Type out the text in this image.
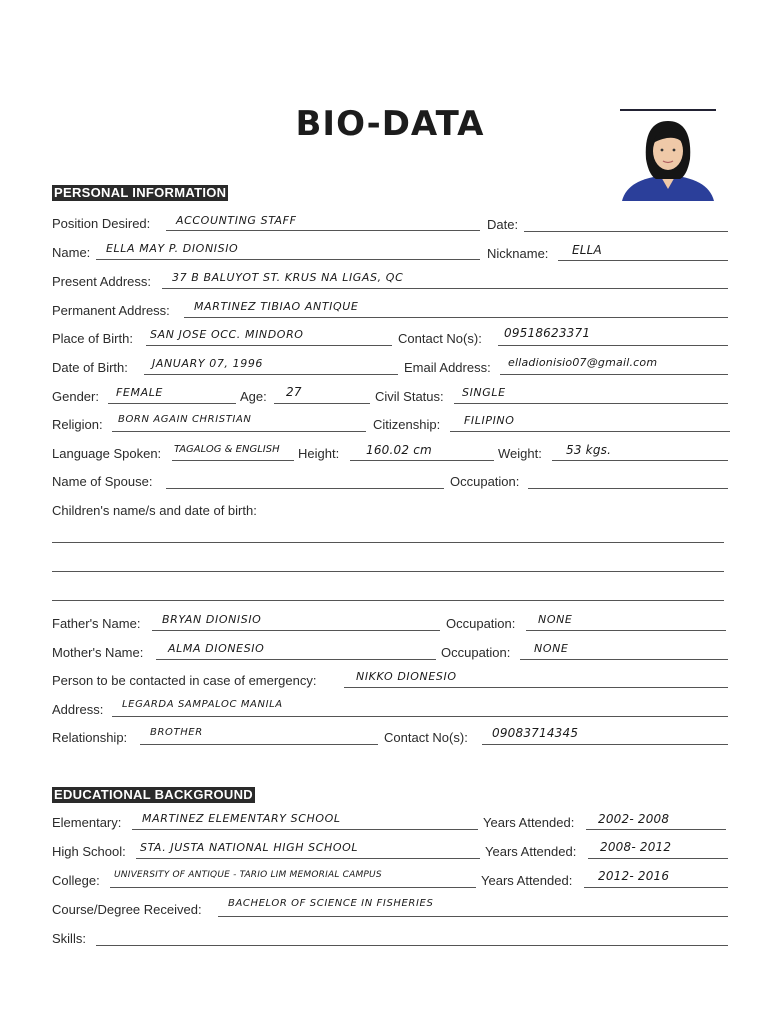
BIO-DATA
PERSONAL INFORMATION
Position Desired: ACCOUNTING STAFF	Date:
Name: ELLA MAY P. DIONISIO	Nickname: ELLA
Present Address: 37 B BALUYOT ST. KRUS NA LIGAS, QC
Permanent Address: MARTINEZ TIBIAO ANTIQUE
Place of Birth: SAN JOSE OCC. MINDORO	Contact No(s): 09518623371
Date of Birth: JANUARY 07, 1996	Email Address: elladionisio07@gmail.com
Gender: FEMALE	Age: 27	Civil Status: SINGLE
Religion: BORN AGAIN CHRISTIAN	Citizenship: FILIPINO
Language Spoken: TAGALOG & ENGLISH Height: 160.02 cm	Weight: 53 kgs.
Name of Spouse:	Occupation:
Children's name/s and date of birth:
Father's Name: BRYAN DIONISIO	Occupation: NONE
Mother's Name: ALMA DIONESIO	Occupation: NONE
Person to be contacted in case of emergency:	NIKKO DIONESIO
Address: LEGARDA SAMPALOC MANILA
Relationship: BROTHER	Contact No(s): 09083714345
EDUCATIONAL BACKGROUND
Elementary: MARTINEZ ELEMENTARY SCHOOL	Years Attended: 2002- 2008
High School: STA. JUSTA NATIONAL HIGH SCHOOL	Years Attended: 2008- 2012
College: UNIVERSITY OF ANTIQUE - TARIO LIM MEMORIAL CAMPUS	Years Attended: 2012- 2016
Course/Degree Received:	BACHELOR OF SCIENCE IN FISHERIES
Skills:
